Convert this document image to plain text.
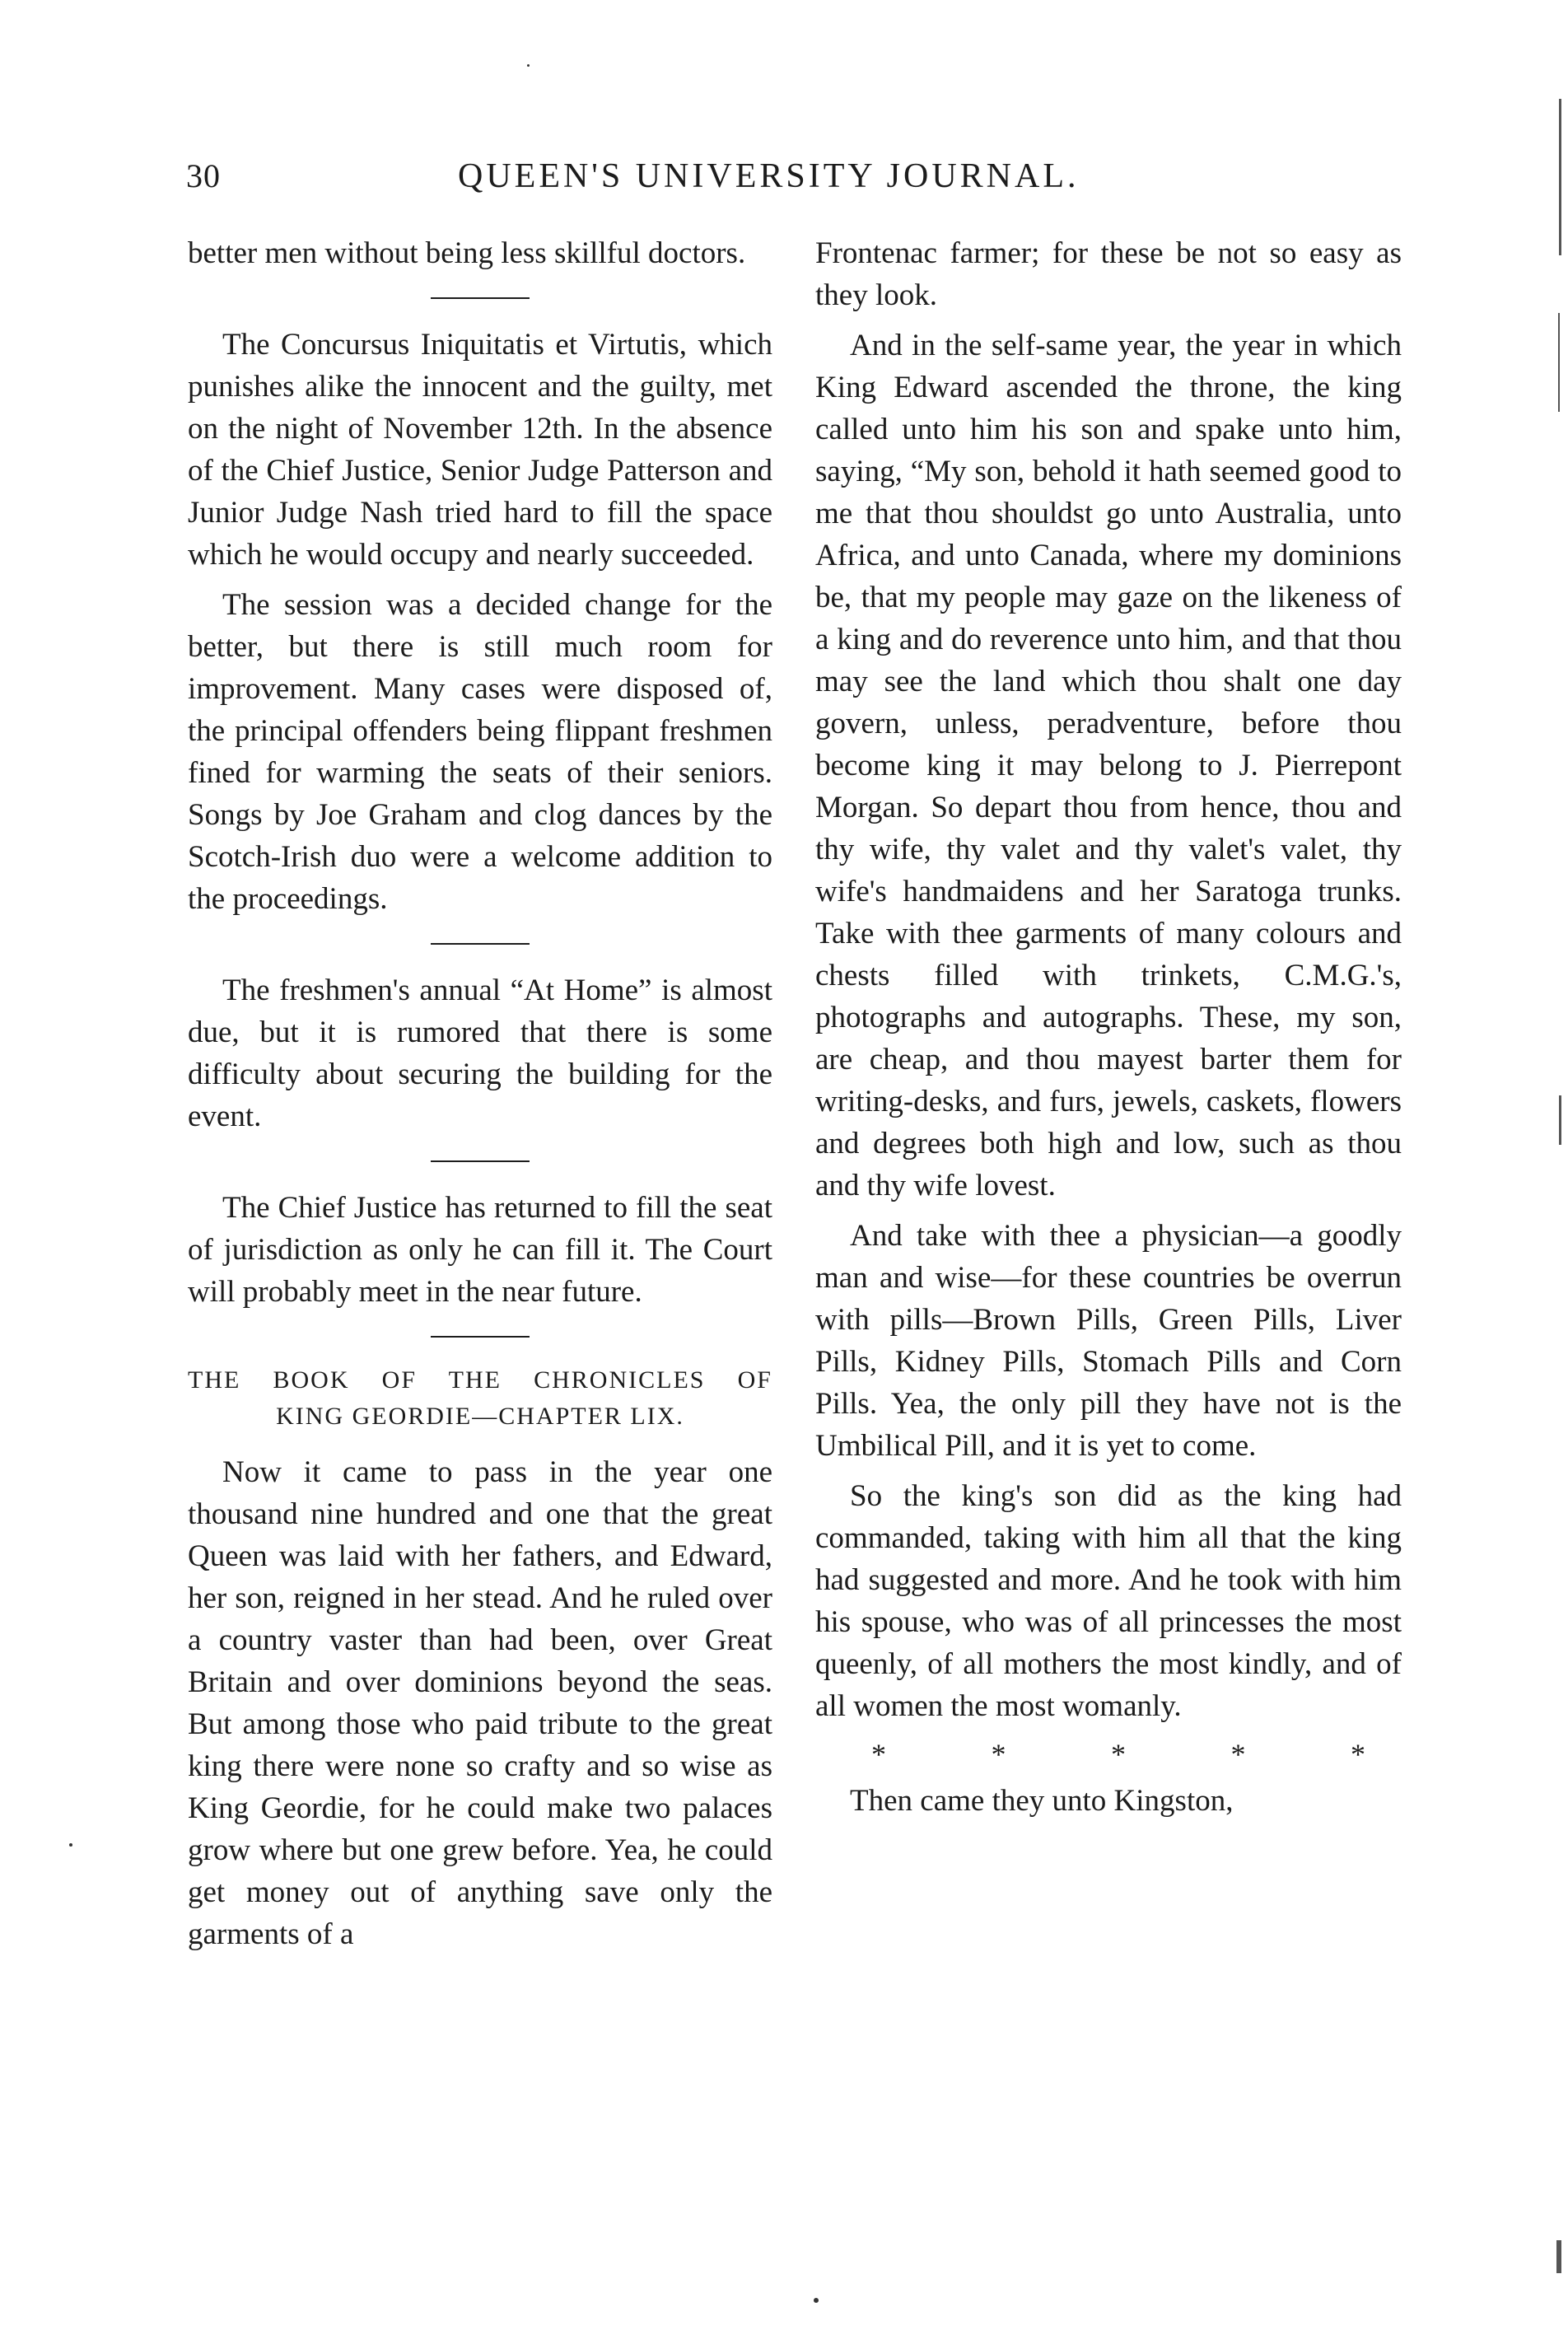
30	QUEEN'S UNIVERSITY JOURNAL.

better men without being less skillful doctors.

The Concursus Iniquitatis et Virtutis, which punishes alike the innocent and the guilty, met on the night of November 12th. In the absence of the Chief Justice, Senior Judge Patterson and Junior Judge Nash tried hard to fill the space which he would occupy and nearly succeeded.

The session was a decided change for the better, but there is still much room for improvement. Many cases were disposed of, the principal offenders being flippant freshmen fined for warming the seats of their seniors. Songs by Joe Graham and clog dances by the Scotch-Irish duo were a welcome addition to the proceedings.

The freshmen's annual “At Home” is almost due, but it is rumored that there is some difficulty about securing the building for the event.

The Chief Justice has returned to fill the seat of jurisdiction as only he can fill it. The Court will probably meet in the near future.

THE BOOK OF THE CHRONICLES OF
KING GEORDIE—CHAPTER LIX.

Now it came to pass in the year one thousand nine hundred and one that the great Queen was laid with her fathers, and Edward, her son, reigned in her stead. And he ruled over a country vaster than had been, over Great Britain and over dominions beyond the seas. But among those who paid tribute to the great king there were none so crafty and so wise as King Geordie, for he could make two palaces grow where but one grew before. Yea, he could get money out of anything save only the garments of a

Frontenac farmer; for these be not so easy as they look.

And in the self-same year, the year in which King Edward ascended the throne, the king called unto him his son and spake unto him, saying, “My son, behold it hath seemed good to me that thou shouldst go unto Australia, unto Africa, and unto Canada, where my dominions be, that my people may gaze on the likeness of a king and do reverence unto him, and that thou may see the land which thou shalt one day govern, unless, peradventure, before thou become king it may belong to J. Pierrepont Morgan. So depart thou from hence, thou and thy wife, thy valet and thy valet's valet, thy wife's handmaidens and her Saratoga trunks. Take with thee garments of many colours and chests filled with trinkets, C.M.G.'s, photographs and autographs. These, my son, are cheap, and thou mayest barter them for writing-desks, and furs, jewels, caskets, flowers and degrees both high and low, such as thou and thy wife lovest.

And take with thee a physician—a goodly man and wise—for these countries be overrun with pills—Brown Pills, Green Pills, Liver Pills, Kidney Pills, Stomach Pills and Corn Pills. Yea, the only pill they have not is the Umbilical Pill, and it is yet to come.

So the king's son did as the king had commanded, taking with him all that the king had suggested and more. And he took with him his spouse, who was of all princesses the most queenly, of all mothers the most kindly, and of all women the most womanly.

*	*	*	*	*

Then came they unto Kingston,
